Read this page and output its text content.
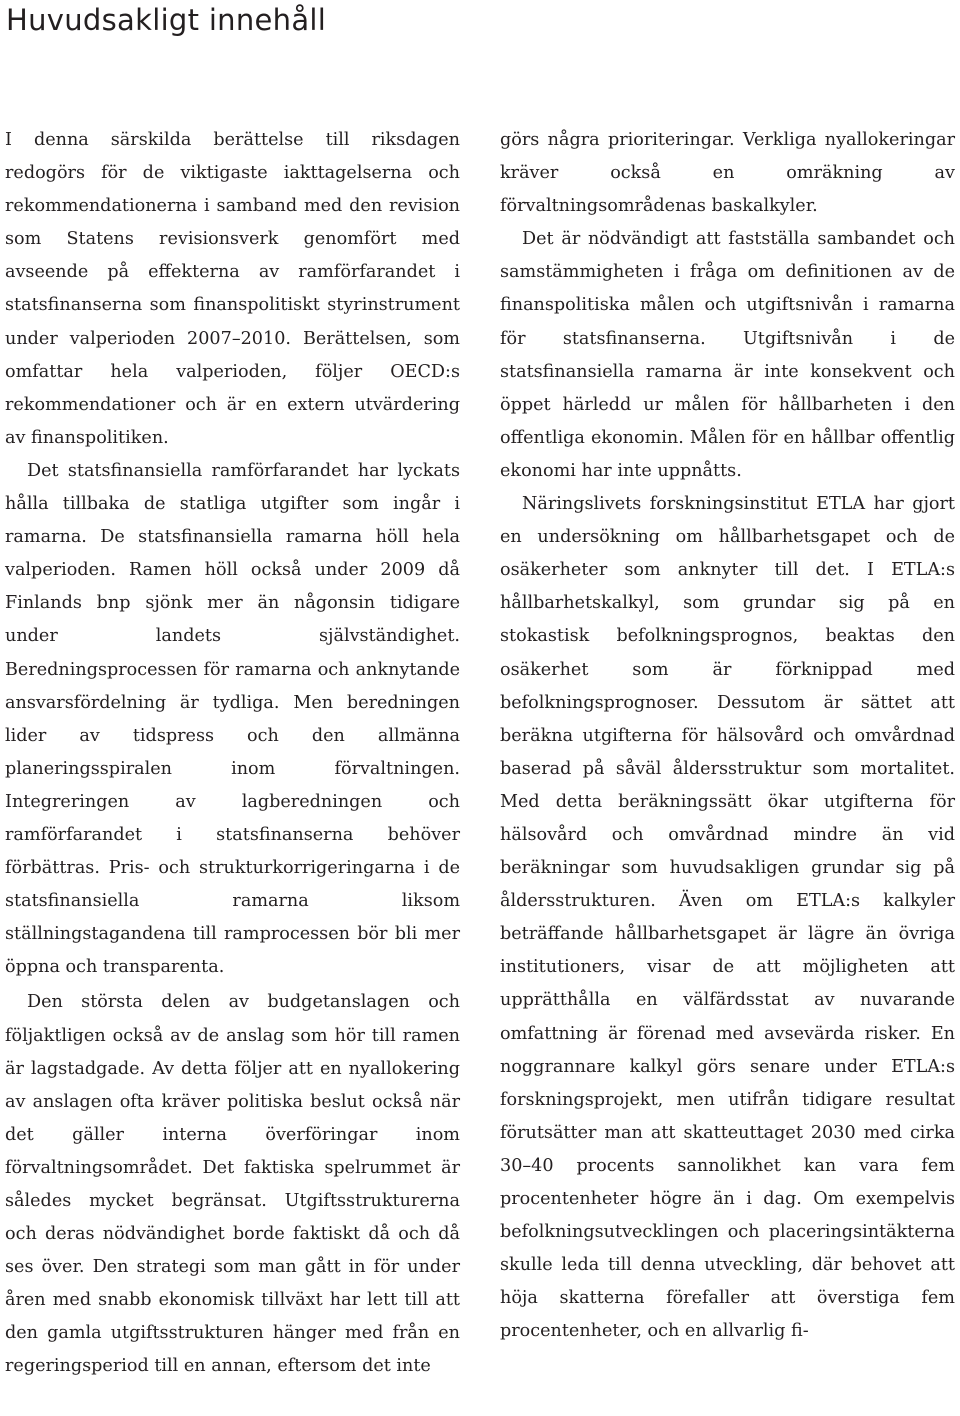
Huvudsakligt innehåll

I denna särskilda berättelse till riksdagen redogörs för de viktigaste iakttagelserna och rekommendationerna i samband med den revision som Statens revisionsverk genomfört med avseende på effekterna av ramförfarandet i statsfinanserna som finanspolitiskt styrinstrument under valperioden 2007–2010. Berättelsen, som omfattar hela valperioden, följer OECD:s rekommendationer och är en extern utvärdering av finanspolitiken.

Det statsfinansiella ramförfarandet har lyckats hålla tillbaka de statliga utgifter som ingår i ramarna. De statsfinansiella ramarna höll hela valperioden. Ramen höll också under 2009 då Finlands bnp sjönk mer än någonsin tidigare under landets självständighet. Beredningsprocessen för ramarna och anknytande ansvarsfördelning är tydliga. Men beredningen lider av tidspress och den allmänna planeringsspiralen inom förvaltningen. Integreringen av lagberedningen och ramförfarandet i statsfinanserna behöver förbättras. Pris- och strukturkorrigeringarna i de statsfinansiella ramarna liksom ställningstagandena till ramprocessen bör bli mer öppna och transparenta.

Den största delen av budgetanslagen och följaktligen också av de anslag som hör till ramen är lagstadgade. Av detta följer att en nyallokering av anslagen ofta kräver politiska beslut också när det gäller interna överföringar inom förvaltningsområdet. Det faktiska spelrummet är således mycket begränsat. Utgiftsstrukturerna och deras nödvändighet borde faktiskt då och då ses över. Den strategi som man gått in för under åren med snabb ekonomisk tillväxt har lett till att den gamla utgiftsstrukturen hänger med från en regeringsperiod till en annan, eftersom det inte

görs några prioriteringar. Verkliga nyallokeringar kräver också en omräkning av förvaltningsområdenas baskalkyler.

Det är nödvändigt att fastställa sambandet och samstämmigheten i fråga om definitionen av de finanspolitiska målen och utgiftsnivån i ramarna för statsfinanserna. Utgiftsnivån i de statsfinansiella ramarna är inte konsekvent och öppet härledd ur målen för hållbarheten i den offentliga ekonomin. Målen för en hållbar offentlig ekonomi har inte uppnåtts.

Näringslivets forskningsinstitut ETLA har gjort en undersökning om hållbarhetsgapet och de osäkerheter som anknyter till det. I ETLA:s hållbarhetskalkyl, som grundar sig på en stokastisk befolkningsprognos, beaktas den osäkerhet som är förknippad med befolkningsprognoser. Dessutom är sättet att beräkna utgifterna för hälsovård och omvårdnad baserad på såväl åldersstruktur som mortalitet. Med detta beräkningssätt ökar utgifterna för hälsovård och omvårdnad mindre än vid beräkningar som huvudsakligen grundar sig på åldersstrukturen. Även om ETLA:s kalkyler beträffande hållbarhetsgapet är lägre än övriga institutioners, visar de att möjligheten att upprätthålla en välfärdsstat av nuvarande omfattning är förenad med avsevärda risker. En noggrannare kalkyl görs senare under ETLA:s forskningsprojekt, men utifrån tidigare resultat förutsätter man att skatteuttaget 2030 med cirka 30–40 procents sannolikhet kan vara fem procentenheter högre än i dag. Om exempelvis befolkningsutvecklingen och placeringsintäkterna skulle leda till denna utveckling, där behovet att höja skatterna förefaller att överstiga fem procentenheter, och en allvarlig fi-
